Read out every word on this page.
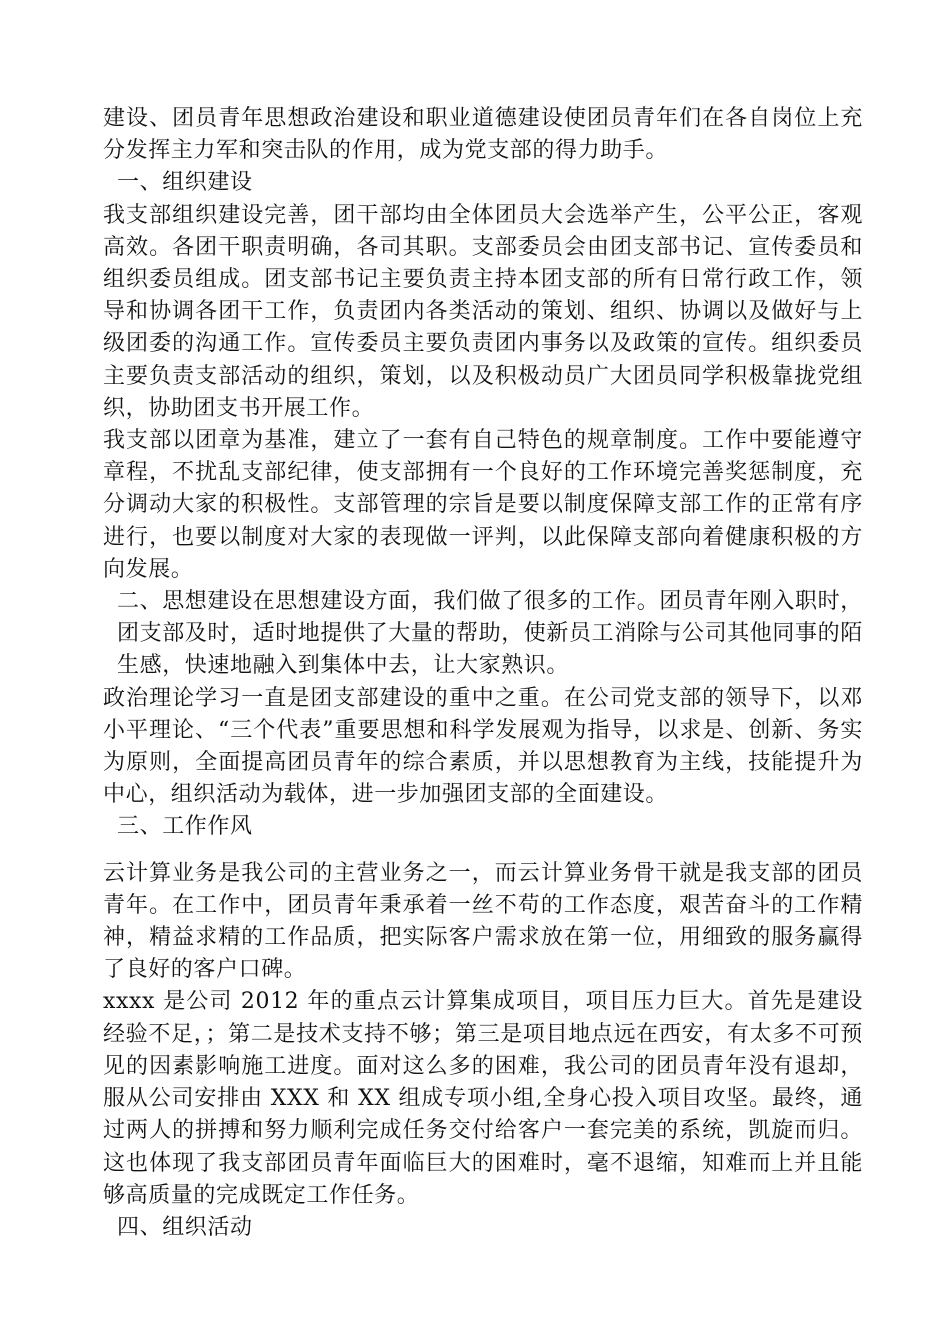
建设、团员青年思想政治建设和职业道德建设使团员青年们在各自岗位上充分发挥主力军和突击队的作用，成为党支部的得力助手。

一、组织建设

我支部组织建设完善，团干部均由全体团员大会选举产生，公平公正，客观高效。各团干职责明确，各司其职。支部委员会由团支部书记、宣传委员和组织委员组成。团支部书记主要负责主持本团支部的所有日常行政工作，领导和协调各团干工作，负责团内各类活动的策划、组织、协调以及做好与上级团委的沟通工作。宣传委员主要负责团内事务以及政策的宣传。组织委员主要负责支部活动的组织，策划，以及积极动员广大团员同学积极靠拢党组织，协助团支书开展工作。

我支部以团章为基准，建立了一套有自己特色的规章制度。工作中要能遵守章程，不扰乱支部纪律，使支部拥有一个良好的工作环境完善奖惩制度，充分调动大家的积极性。支部管理的宗旨是要以制度保障支部工作的正常有序进行，也要以制度对大家的表现做一评判，以此保障支部向着健康积极的方向发展。

二、思想建设在思想建设方面，我们做了很多的工作。团员青年刚入职时，团支部及时，适时地提供了大量的帮助，使新员工消除与公司其他同事的陌生感，快速地融入到集体中去，让大家熟识。

政治理论学习一直是团支部建设的重中之重。在公司党支部的领导下，以邓小平理论、“三个代表”重要思想和科学发展观为指导，以求是、创新、务实为原则，全面提高团员青年的综合素质，并以思想教育为主线，技能提升为中心，组织活动为载体，进一步加强团支部的全面建设。

三、工作作风

云计算业务是我公司的主营业务之一，而云计算业务骨干就是我支部的团员青年。在工作中，团员青年秉承着一丝不苟的工作态度，艰苦奋斗的工作精神，精益求精的工作品质，把实际客户需求放在第一位，用细致的服务赢得了良好的客户口碑。

xxxx 是公司 2012 年的重点云计算集成项目，项目压力巨大。首先是建设经验不足，；第二是技术支持不够；第三是项目地点远在西安，有太多不可预见的因素影响施工进度。面对这么多的困难，我公司的团员青年没有退却，服从公司安排由 XXX 和 XX 组成专项小组,全身心投入项目攻坚。最终，通过两人的拼搏和努力顺利完成任务交付给客户一套完美的系统，凯旋而归。这也体现了我支部团员青年面临巨大的困难时，毫不退缩，知难而上并且能够高质量的完成既定工作任务。

四、组织活动
